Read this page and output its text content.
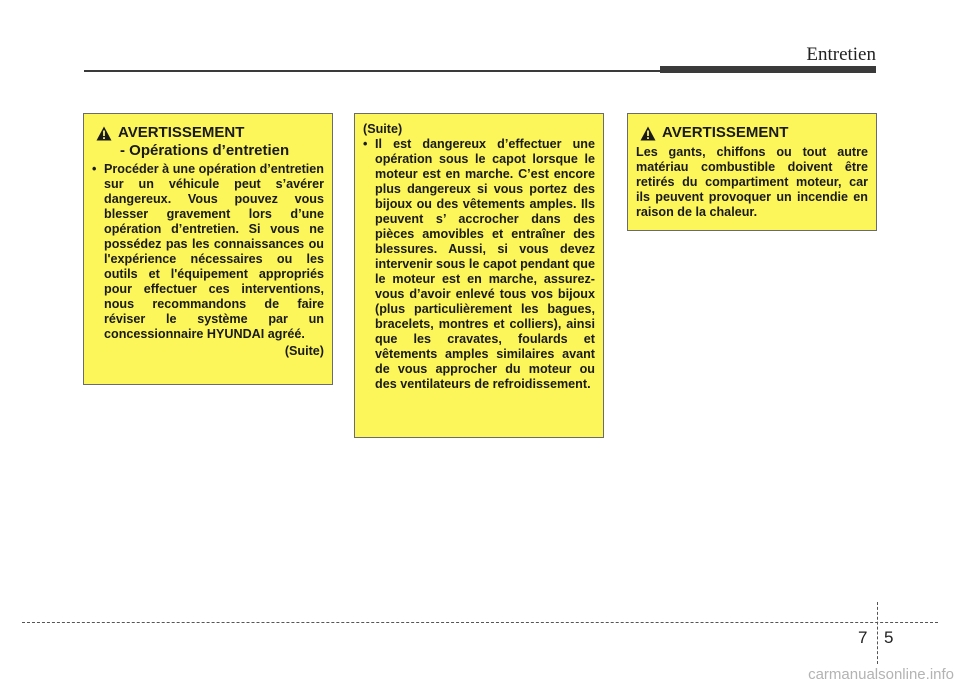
Entretien
AVERTISSEMENT
- Opérations d’entretien
• Procéder à une opération d’entretien sur un véhicule peut s’avérer dangereux. Vous pouvez vous blesser gravement lors d’une opération d’entretien. Si vous ne possédez pas les connaissances ou l'expérience nécessaires ou les outils et l'équipement appropriés pour effectuer ces interventions, nous recommandons de faire réviser le système par un concessionnaire HYUNDAI agréé.
(Suite)
(Suite)
• Il est dangereux d’effectuer une opération sous le capot lorsque le moteur est en marche. C’est encore plus dangereux si vous portez des bijoux ou des vêtements amples. Ils peuvent s’ accrocher dans des pièces amovibles et entraîner des blessures. Aussi, si vous devez intervenir sous le capot pendant que le moteur est en marche, assurez-vous d’avoir enlevé tous vos bijoux (plus particulièrement les bagues, bracelets, montres et colliers), ainsi que les cravates, foulards et vêtements amples similaires avant de vous approcher du moteur ou des ventilateurs de refroidissement.
AVERTISSEMENT
Les gants, chiffons ou tout autre matériau combustible doivent être retirés du compartiment moteur, car ils peuvent provoquer un incendie en raison de la chaleur.
7 5
carmanualsonline.info
